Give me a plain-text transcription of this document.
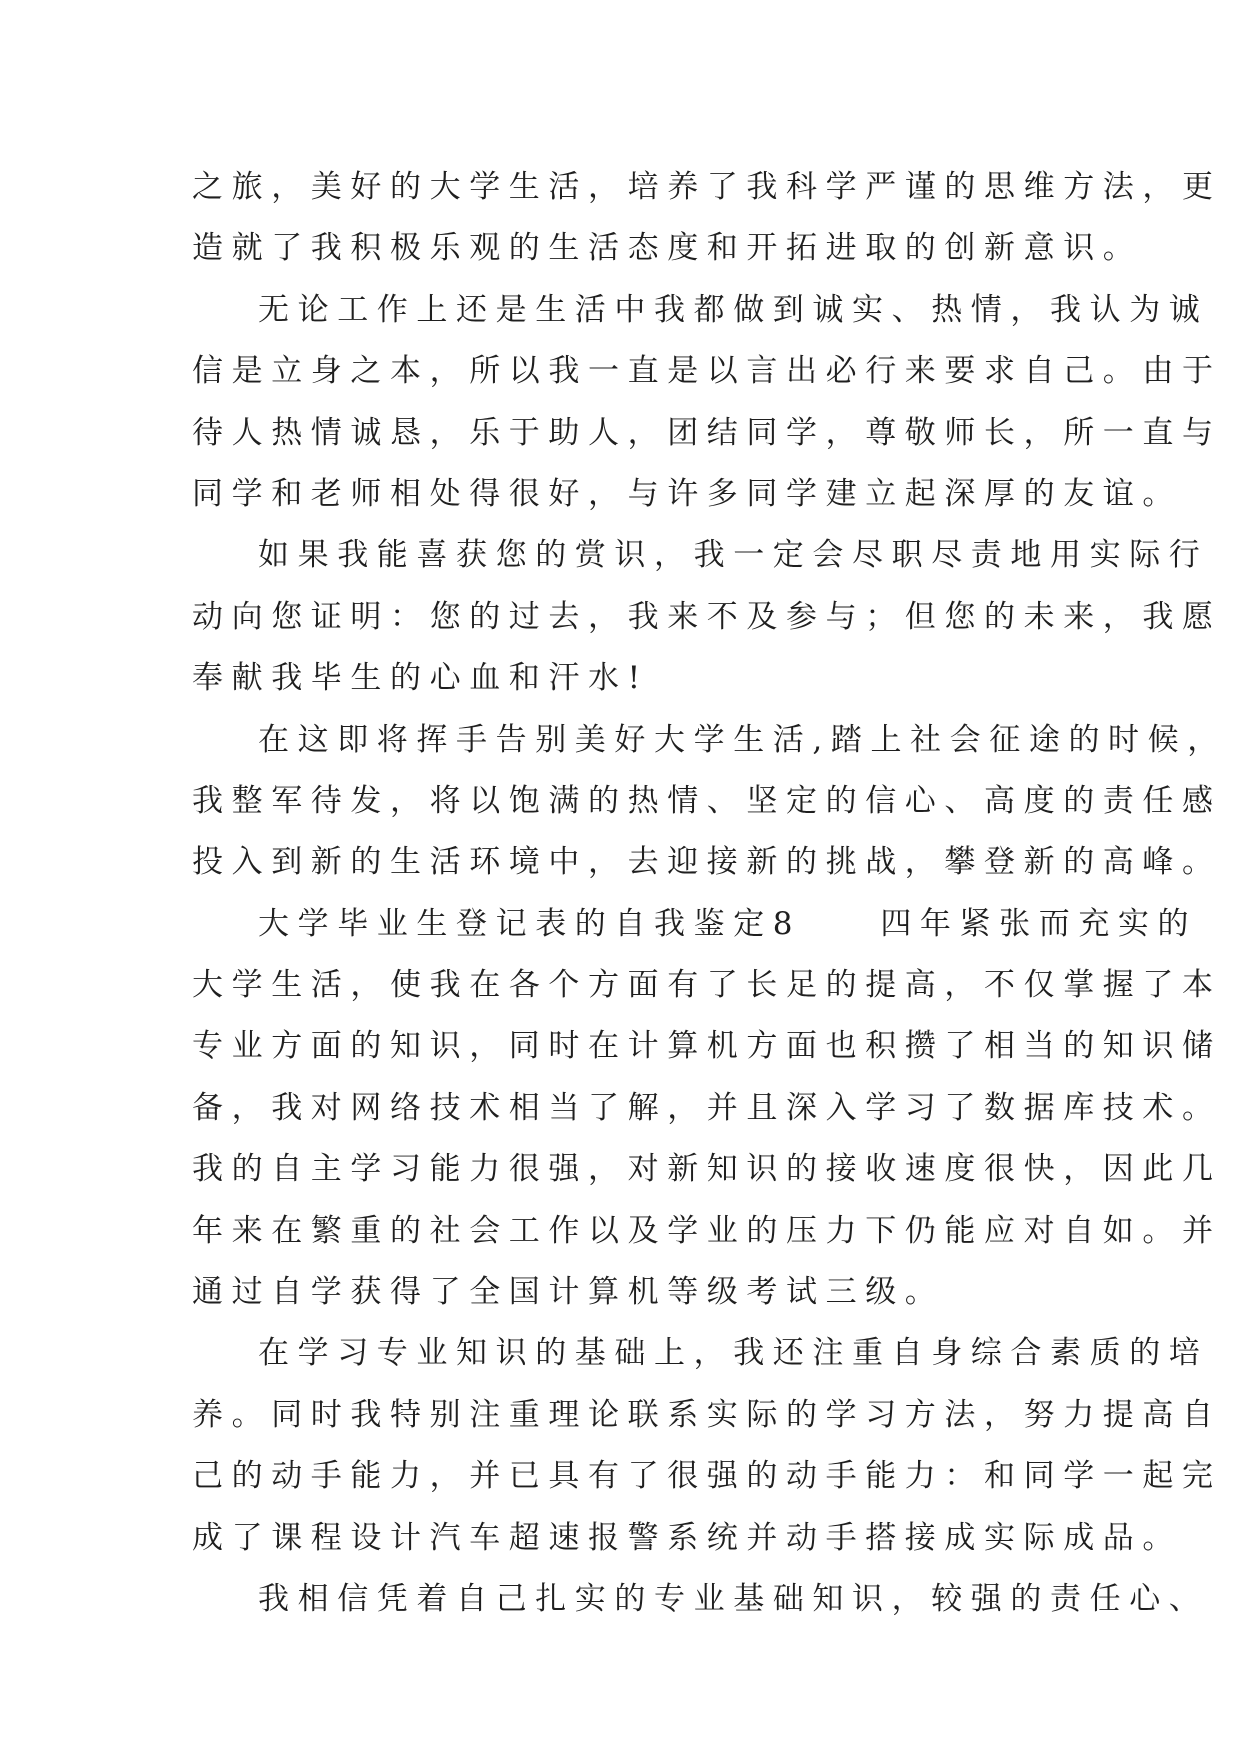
之旅，美好的大学生活，培养了我科学严谨的思维方法，更
造就了我积极乐观的生活态度和开拓进取的创新意识。
无论工作上还是生活中我都做到诚实、热情，我认为诚
信是立身之本，所以我一直是以言出必行来要求自己。由于
待人热情诚恳，乐于助人，团结同学，尊敬师长，所一直与
同学和老师相处得很好，与许多同学建立起深厚的友谊。
如果我能喜获您的赏识，我一定会尽职尽责地用实际行
动向您证明：您的过去，我来不及参与；但您的未来，我愿
奉献我毕生的心血和汗水!
在这即将挥手告别美好大学生活,踏上社会征途的时候，
我整军待发，将以饱满的热情、坚定的信心、高度的责任感
投入到新的生活环境中，去迎接新的挑战，攀登新的高峰。
大学毕业生登记表的自我鉴定8　　四年紧张而充实的
大学生活，使我在各个方面有了长足的提高，不仅掌握了本
专业方面的知识，同时在计算机方面也积攒了相当的知识储
备，我对网络技术相当了解，并且深入学习了数据库技术。
我的自主学习能力很强，对新知识的接收速度很快，因此几
年来在繁重的社会工作以及学业的压力下仍能应对自如。并
通过自学获得了全国计算机等级考试三级。
在学习专业知识的基础上，我还注重自身综合素质的培
养。同时我特别注重理论联系实际的学习方法，努力提高自
己的动手能力，并已具有了很强的动手能力：和同学一起完
成了课程设计汽车超速报警系统并动手搭接成实际成品。
我相信凭着自己扎实的专业基础知识，较强的责任心、
